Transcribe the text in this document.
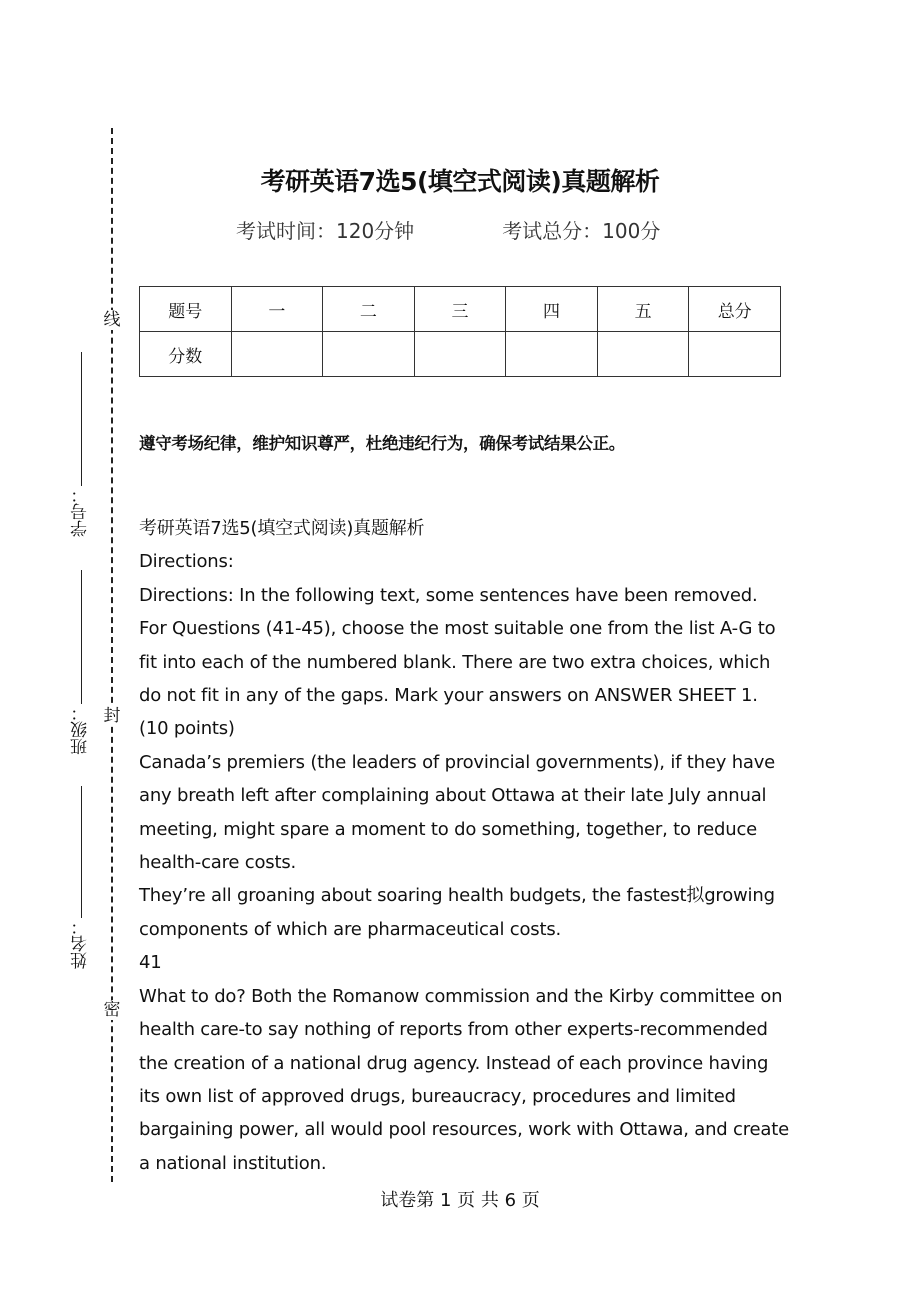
线
封
密
学号：
班级：
姓名：
考研英语7选5(填空式阅读)真题解析
考试时间：120分钟	考试总分：100分
题号	一	二	三	四	五	总分
分数						

遵守考场纪律，维护知识尊严，杜绝违纪行为，确保考试结果公正。

考研英语7选5(填空式阅读)真题解析

Directions:

Directions: In the following text, some sentences have been removed. For Questions (41-45), choose the most suitable one from the list A-G to fit into each of the numbered blank. There are two extra choices, which do not fit in any of the gaps. Mark your answers on ANSWER SHEET 1. (10 points)

Canada’s premiers (the leaders of provincial governments), if they have any breath left after complaining about Ottawa at their late July annual meeting, might spare a moment to do something, together, to reduce health-care costs.

They’re all groaning about soaring health budgets, the fastest拟growing components of which are pharmaceutical costs.

41

What to do? Both the Romanow commission and the Kirby committee on health care-to say nothing of reports from other experts-recommended the creation of a national drug agency. Instead of each province having its own list of approved drugs, bureaucracy, procedures and limited bargaining power, all would pool resources, work with Ottawa, and create a national institution.

试卷第 1 页 共 6 页
